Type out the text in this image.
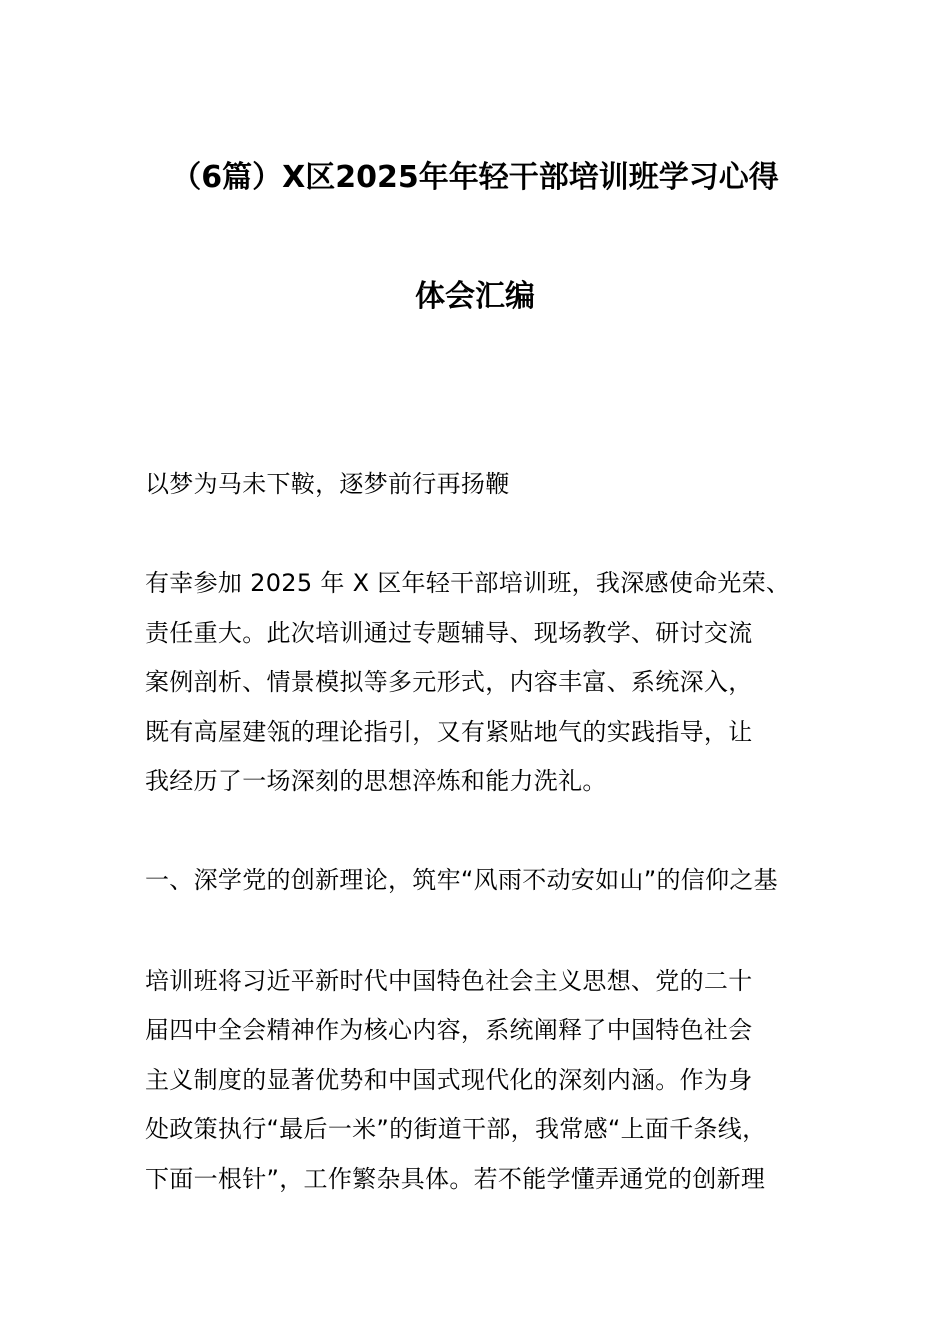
（6篇）X区2025年年轻干部培训班学习心得
体会汇编
以梦为马未下鞍，逐梦前行再扬鞭
有幸参加 2025 年 X 区年轻干部培训班，我深感使命光荣、
责任重大。此次培训通过专题辅导、现场教学、研讨交流
案例剖析、情景模拟等多元形式，内容丰富、系统深入，
既有高屋建瓴的理论指引，又有紧贴地气的实践指导，让
我经历了一场深刻的思想淬炼和能力洗礼。
一、深学党的创新理论，筑牢“风雨不动安如山”的信仰之基
培训班将习近平新时代中国特色社会主义思想、党的二十
届四中全会精神作为核心内容，系统阐释了中国特色社会
主义制度的显著优势和中国式现代化的深刻内涵。作为身
处政策执行“最后一米”的街道干部，我常感“上面千条线，
下面一根针”，工作繁杂具体。若不能学懂弄通党的创新理
